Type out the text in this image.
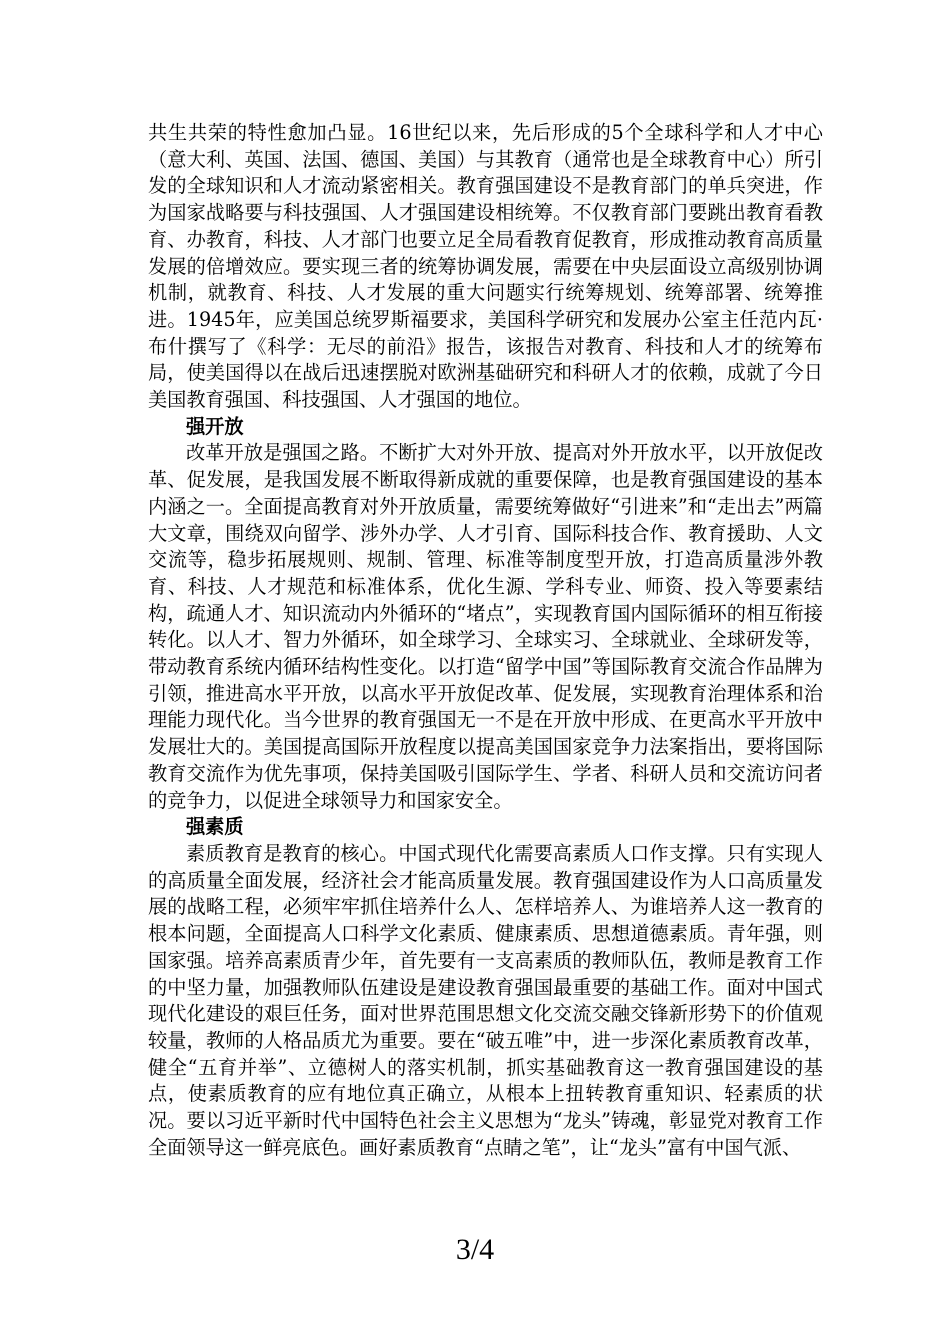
共生共荣的特性愈加凸显。16世纪以来，先后形成的5个全球科学和人才中心（意大利、英国、法国、德国、美国）与其教育（通常也是全球教育中心）所引发的全球知识和人才流动紧密相关。教育强国建设不是教育部门的单兵突进，作为国家战略要与科技强国、人才强国建设相统筹。不仅教育部门要跳出教育看教育、办教育，科技、人才部门也要立足全局看教育促教育，形成推动教育高质量发展的倍增效应。要实现三者的统筹协调发展，需要在中央层面设立高级别协调机制，就教育、科技、人才发展的重大问题实行统筹规划、统筹部署、统筹推进。1945年，应美国总统罗斯福要求，美国科学研究和发展办公室主任范内瓦·布什撰写了《科学：无尽的前沿》报告，该报告对教育、科技和人才的统筹布局，使美国得以在战后迅速摆脱对欧洲基础研究和科研人才的依赖，成就了今日美国教育强国、科技强国、人才强国的地位。

强开放

改革开放是强国之路。不断扩大对外开放、提高对外开放水平，以开放促改革、促发展，是我国发展不断取得新成就的重要保障，也是教育强国建设的基本内涵之一。全面提高教育对外开放质量，需要统筹做好“引进来”和“走出去”两篇大文章，围绕双向留学、涉外办学、人才引育、国际科技合作、教育援助、人文交流等，稳步拓展规则、规制、管理、标准等制度型开放，打造高质量涉外教育、科技、人才规范和标准体系，优化生源、学科专业、师资、投入等要素结构，疏通人才、知识流动内外循环的“堵点”，实现教育国内国际循环的相互衔接转化。以人才、智力外循环，如全球学习、全球实习、全球就业、全球研发等，带动教育系统内循环结构性变化。以打造“留学中国”等国际教育交流合作品牌为引领，推进高水平开放，以高水平开放促改革、促发展，实现教育治理体系和治理能力现代化。当今世界的教育强国无一不是在开放中形成、在更高水平开放中发展壮大的。美国提高国际开放程度以提高美国国家竞争力法案指出，要将国际教育交流作为优先事项，保持美国吸引国际学生、学者、科研人员和交流访问者的竞争力，以促进全球领导力和国家安全。

强素质

素质教育是教育的核心。中国式现代化需要高素质人口作支撑。只有实现人的高质量全面发展，经济社会才能高质量发展。教育强国建设作为人口高质量发展的战略工程，必须牢牢抓住培养什么人、怎样培养人、为谁培养人这一教育的根本问题，全面提高人口科学文化素质、健康素质、思想道德素质。青年强，则国家强。培养高素质青少年，首先要有一支高素质的教师队伍，教师是教育工作的中坚力量，加强教师队伍建设是建设教育强国最重要的基础工作。面对中国式现代化建设的艰巨任务，面对世界范围思想文化交流交融交锋新形势下的价值观较量，教师的人格品质尤为重要。要在“破五唯”中，进一步深化素质教育改革，健全“五育并举”、立德树人的落实机制，抓实基础教育这一教育强国建设的基点，使素质教育的应有地位真正确立，从根本上扭转教育重知识、轻素质的状况。要以习近平新时代中国特色社会主义思想为“龙头”铸魂，彰显党对教育工作全面领导这一鲜亮底色。画好素质教育“点睛之笔”，让“龙头”富有中国气派、

3/4
